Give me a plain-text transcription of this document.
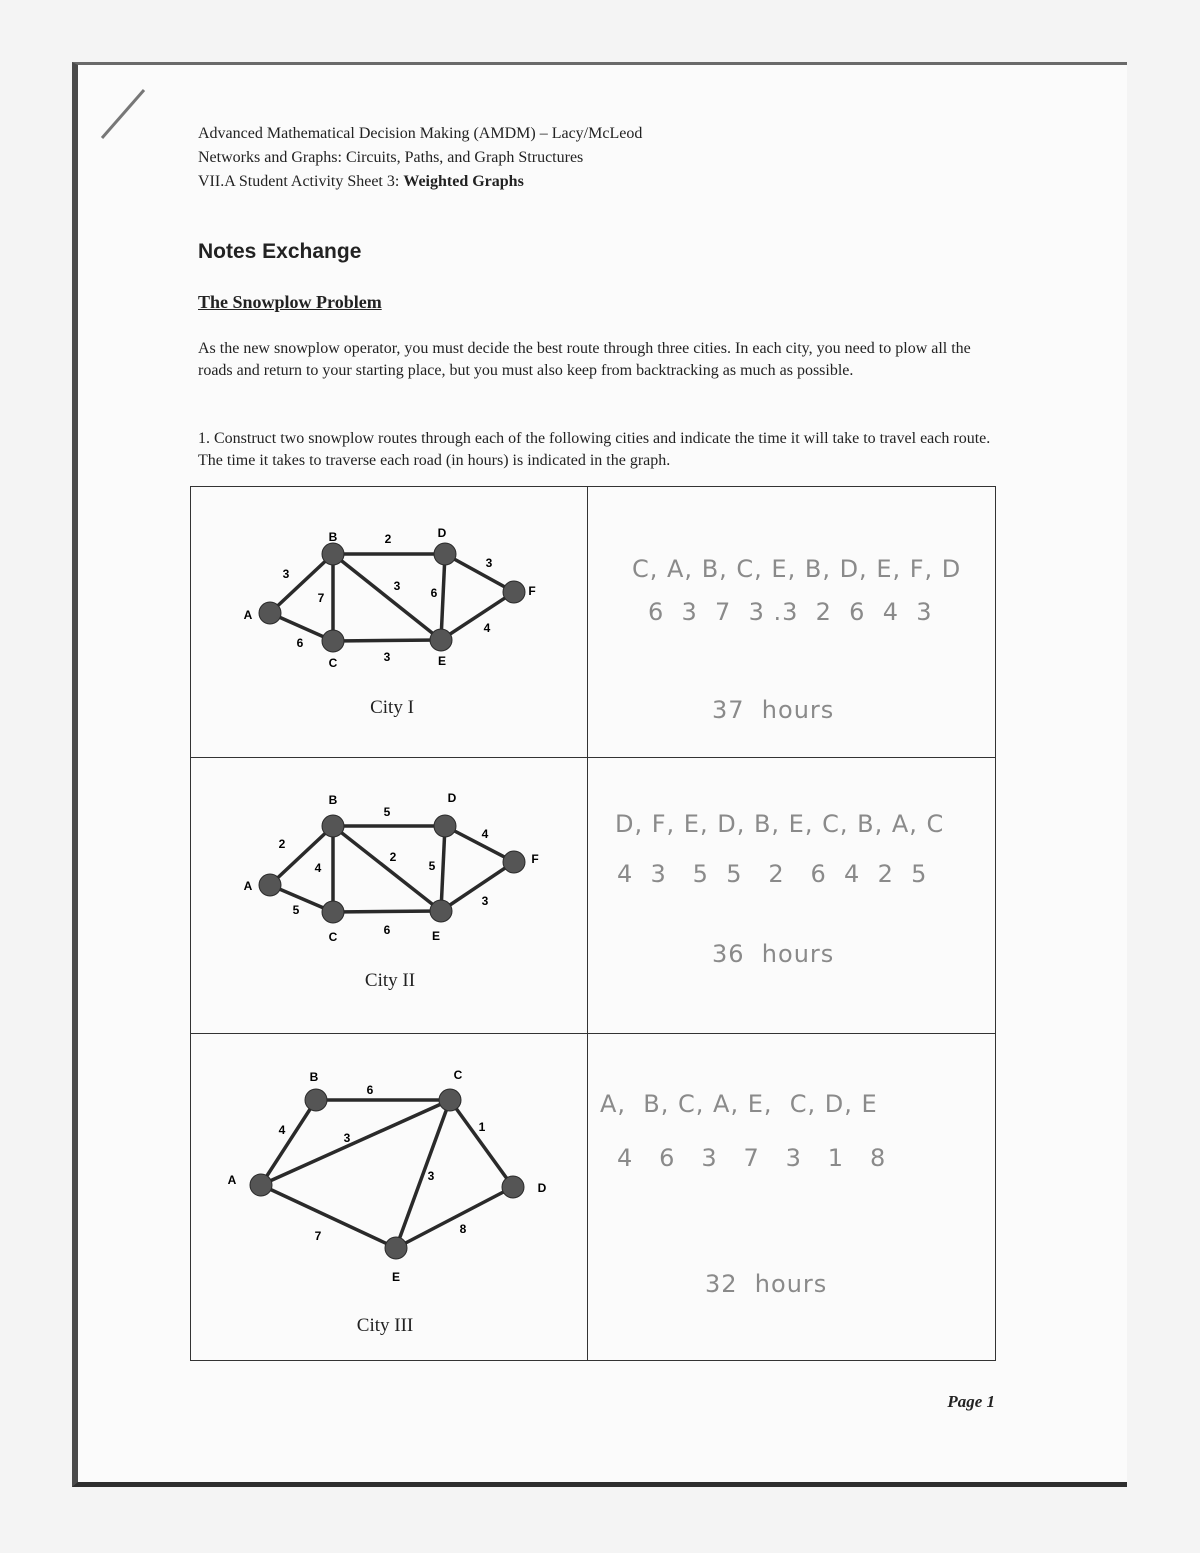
Advanced Mathematical Decision Making (AMDM) – Lacy/McLeod
Networks and Graphs: Circuits, Paths, and Graph Structures
VII.A Student Activity Sheet 3: Weighted Graphs
Notes Exchange
The Snowplow Problem
As the new snowplow operator, you must decide the best route through three cities. In each city, you need to plow all the roads and return to your starting place, but you must also keep from backtracking as much as possible.
1. Construct two snowplow routes through each of the following cities and indicate the time it will take to travel each route. The time it takes to traverse each road (in hours) is indicated in the graph.
3
6
7
2
3
3
6
3
4
A
B
C
D
E
F
City I
C, A, B, C, E, B, D, E, F, D
6  3  7  3 .3  2  6  4  3
37  hours
2
5
4
5
2
6
5
4
3
A
B
C
D
E
F
City II
D, F, E, D, B, E, C, B, A, C
4  3   5  5   2   6  4  2  5
36  hours
4
3
7
6
1
3
8
A
B	C
D
E
City III
A,  B, C, A, E,  C, D, E
4   6   3   7   3   1   8
32  hours
Page 1
